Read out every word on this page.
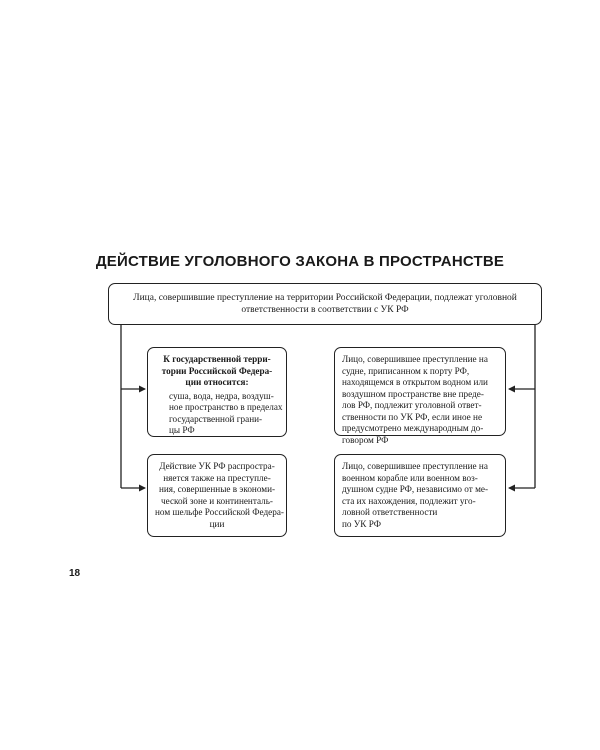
ДЕЙСТВИЕ УГОЛОВНОГО ЗАКОНА В ПРОСТРАНСТВЕ
Лица, совершившие преступление на территории Российской Федерации, подлежат уголовной
ответственности в соответствии с УК РФ
К государственной терри-
тории Российской Федера-
ции относится:
суша, вода, недра, воздуш-
ное пространство в пределах
государственной грани-
цы РФ
Действие УК РФ распростра-
няется также на преступле-
ния, совершенные в экономи-
ческой зоне и континенталь-
ном шельфе Российской Федера-
ции
Лицо, совершившее преступление на
судне, приписанном к порту РФ,
находящемся в открытом водном или
воздушном пространстве вне преде-
лов РФ, подлежит уголовной ответ-
ственности по УК РФ, если иное не
предусмотрено международным до-
говором РФ
Лицо, совершившее преступление на
военном корабле или военном воз-
душном судне РФ, независимо от ме-
ста их нахождения, подлежит уго-
ловной ответственности
по УК РФ
18
